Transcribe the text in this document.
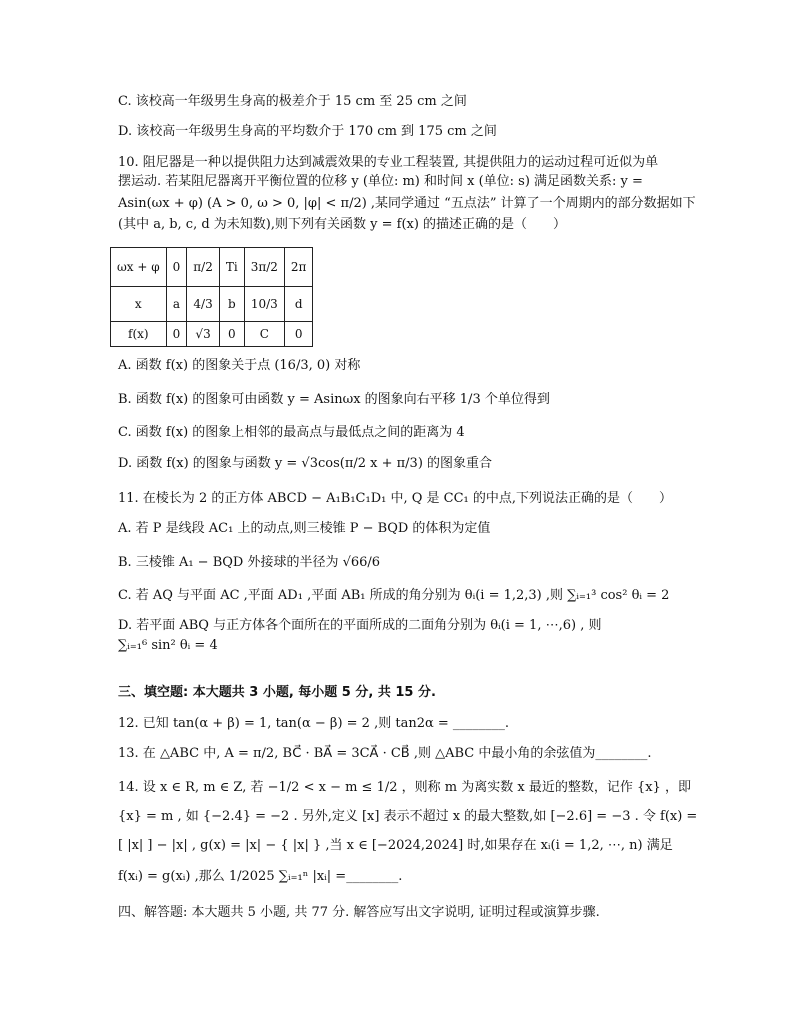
C. 该校高一年级男生身高的极差介于 15 cm 至 25 cm 之间
D. 该校高一年级男生身高的平均数介于 170 cm 到 175 cm 之间
10. 阻尼器是一种以提供阻力达到减震效果的专业工程装置, 其提供阻力的运动过程可近似为单
摆运动. 若某阻尼器离开平衡位置的位移 y (单位: m) 和时间 x (单位: s) 满足函数关系: y =
Asin(ωx + φ) (A > 0, ω > 0, |φ| < π/2) ,某同学通过 “五点法” 计算了一个周期内的部分数据如下
(其中 a, b, c, d 为未知数),则下列有关函数 y = f(x) 的描述正确的是（　　）
ωx + φ	0	π/2	Ti	3π/2	2π
x	a	4/3	b	10/3	d
f(x)	0	√3	0	C	0
A. 函数 f(x) 的图象关于点 (16/3, 0) 对称
B. 函数 f(x) 的图象可由函数 y = Asinωx 的图象向右平移 1/3 个单位得到
C. 函数 f(x) 的图象上相邻的最高点与最低点之间的距离为 4
D. 函数 f(x) 的图象与函数 y = √3cos(π/2 x + π/3) 的图象重合
11. 在棱长为 2 的正方体 ABCD − A₁B₁C₁D₁ 中, Q 是 CC₁ 的中点,下列说法正确的是（　　）
A. 若 P 是线段 AC₁ 上的动点,则三棱锥 P − BQD 的体积为定值
B. 三棱锥 A₁ − BQD 外接球的半径为 √66/6
C. 若 AQ 与平面 AC ,平面 AD₁ ,平面 AB₁ 所成的角分别为 θᵢ(i = 1,2,3) ,则 ∑ᵢ₌₁³ cos² θᵢ = 2
D. 若平面 ABQ 与正方体各个面所在的平面所成的二面角分别为 θᵢ(i = 1, ⋯,6) , 则
∑ᵢ₌₁⁶ sin² θᵢ = 4
三、填空题: 本大题共 3 小题, 每小题 5 分, 共 15 分.
12. 已知 tan(α + β) = 1, tan(α − β) = 2 ,则 tan2α = ________.
13. 在 △ABC 中, A = π/2, BC⃗ · BA⃗ = 3CA⃗ · CB⃗ ,则 △ABC 中最小角的余弦值为________.
14. 设 x ∈ R, m ∈ Z, 若 −1/2 < x − m ≤ 1/2 ，则称 m 为离实数 x 最近的整数，记作 {x} ，即
{x} = m , 如 {−2.4} = −2 . 另外,定义 [x] 表示不超过 x 的最大整数,如 [−2.6] = −3 . 令 f(x) =
[ |x| ] − |x| , g(x) = |x| − { |x| } ,当 x ∈ [−2024,2024] 时,如果存在 xᵢ(i = 1,2, ⋯, n) 满足
f(xᵢ) = g(xᵢ) ,那么 1/2025 ∑ᵢ₌₁ⁿ |xᵢ| =________.
四、解答题: 本大题共 5 小题, 共 77 分. 解答应写出文字说明, 证明过程或演算步骤.
